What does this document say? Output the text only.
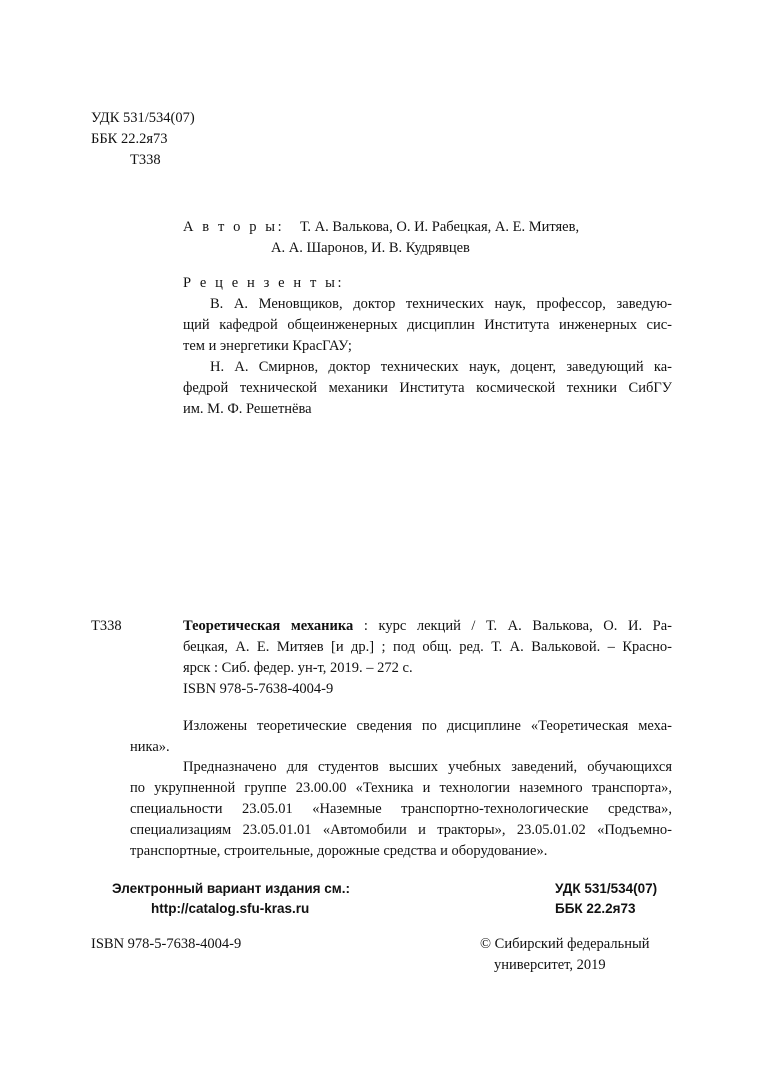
УДК 531/534(07)
ББК 22.2я73
Т338
А в т о р ы: Т. А. Валькова, О. И. Рабецкая, А. Е. Митяев,
А. А. Шаронов, И. В. Кудрявцев
Р е ц е н з е н т ы:
В. А. Меновщиков, доктор технических наук, профессор, заведую-
щий кафедрой общеинженерных дисциплин Института инженерных сис-
тем и энергетики КрасГАУ;
Н. А. Смирнов, доктор технических наук, доцент, заведующий ка-
федрой технической механики Института космической техники СибГУ
им. М. Ф. Решетнёва
Т338	Теоретическая механика : курс лекций / Т. А. Валькова, О. И. Ра-
бецкая, А. Е. Митяев [и др.] ; под общ. ред. Т. А. Вальковой. – Красно-
ярск : Сиб. федер. ун-т, 2019. – 272 с.
ISBN 978-5-7638-4004-9
Изложены теоретические сведения по дисциплине «Теоретическая меха-
ника».
Предназначено для студентов высших учебных заведений, обучающихся
по укрупненной группе 23.00.00 «Техника и технологии наземного транспорта»,
специальности 23.05.01 «Наземные транспортно-технологические средства»,
специализациям 23.05.01.01 «Автомобили и тракторы», 23.05.01.02 «Подъемно-
транспортные, строительные, дорожные средства и оборудование».
Электронный вариант издания см.:
http://catalog.sfu-kras.ru
УДК 531/534(07)
ББК 22.2я73
ISBN 978-5-7638-4004-9	© Сибирский федеральный
университет, 2019
